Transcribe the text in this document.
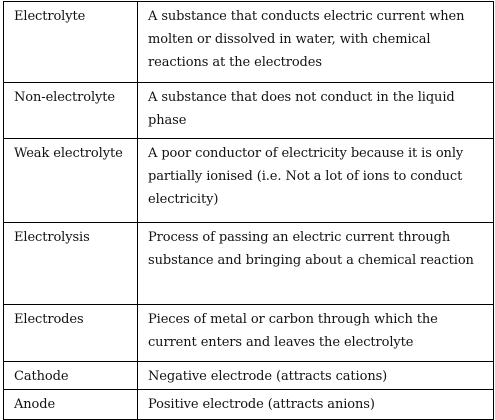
Electrolyte	A substance that conducts electric current when molten or dissolved in water, with chemical reactions at the electrodes
Non-electrolyte	A substance that does not conduct in the liquid phase
Weak electrolyte	A poor conductor of electricity because it is only partially ionised (i.e. Not a lot of ions to conduct electricity)
Electrolysis	Process of passing an electric current through substance and bringing about a chemical reaction
Electrodes	Pieces of metal or carbon through which the current enters and leaves the electrolyte
Cathode	Negative electrode (attracts cations)
Anode	Positive electrode (attracts anions)
